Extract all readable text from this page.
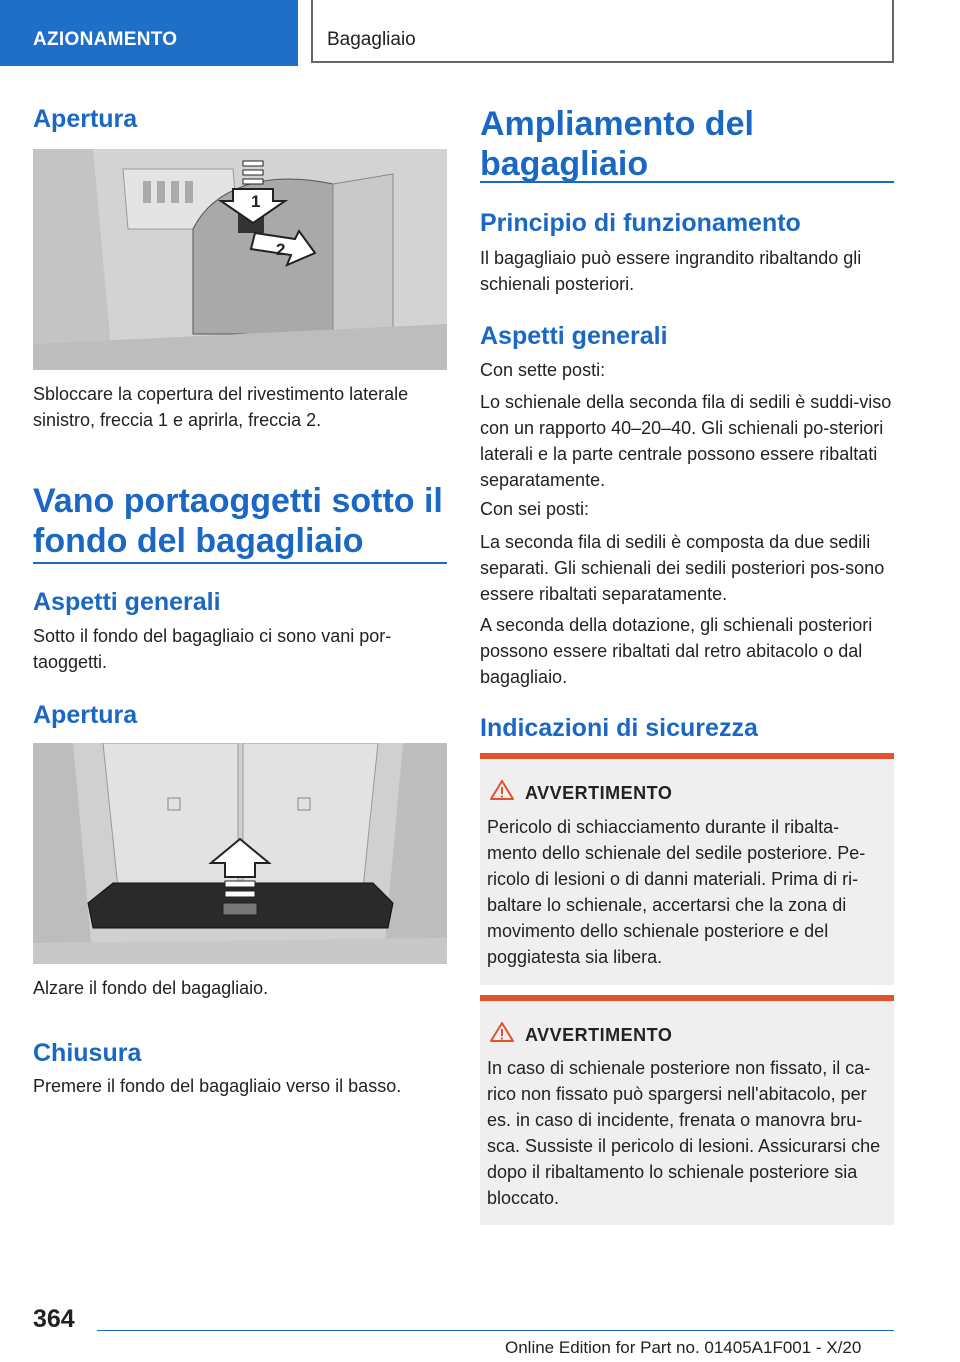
AZIONAMENTO	Bagagliaio
Apertura
1
2

Sbloccare la copertura del rivestimento laterale sinistro, freccia 1 e aprirla, freccia 2.

Vano portaoggetti sotto il fondo del bagagliaio
Aspetti generali

Sotto il fondo del bagagliaio ci sono vani por-taoggetti.

Apertura

Alzare il fondo del bagagliaio.

Chiusura

Premere il fondo del bagagliaio verso il basso.

Ampliamento del bagagliaio
Principio di funzionamento

Il bagagliaio può essere ingrandito ribaltando gli schienali posteriori.

Aspetti generali

Con sette posti:

Lo schienale della seconda fila di sedili è suddi-viso con un rapporto 40–20–40. Gli schienali po-steriori laterali e la parte centrale possono essere ribaltati separatamente.

Con sei posti:

La seconda fila di sedili è composta da due sedili separati. Gli schienali dei sedili posteriori pos-sono essere ribaltati separatamente.

A seconda della dotazione, gli schienali posteriori possono essere ribaltati dal retro abitacolo o dal bagagliaio.

Indicazioni di sicurezza
AVVERTIMENTO

Pericolo di schiacciamento durante il ribalta-mento dello schienale del sedile posteriore. Pe-ricolo di lesioni o di danni materiali. Prima di ri-baltare lo schienale, accertarsi che la zona di movimento dello schienale posteriore e del poggiatesta sia libera.

AVVERTIMENTO

In caso di schienale posteriore non fissato, il ca-rico non fissato può spargersi nell'abitacolo, per es. in caso di incidente, frenata o manovra bru-sca. Sussiste il pericolo di lesioni. Assicurarsi che dopo il ribaltamento lo schienale posteriore sia bloccato.

364
Online Edition for Part no. 01405A1F001 - X/20
